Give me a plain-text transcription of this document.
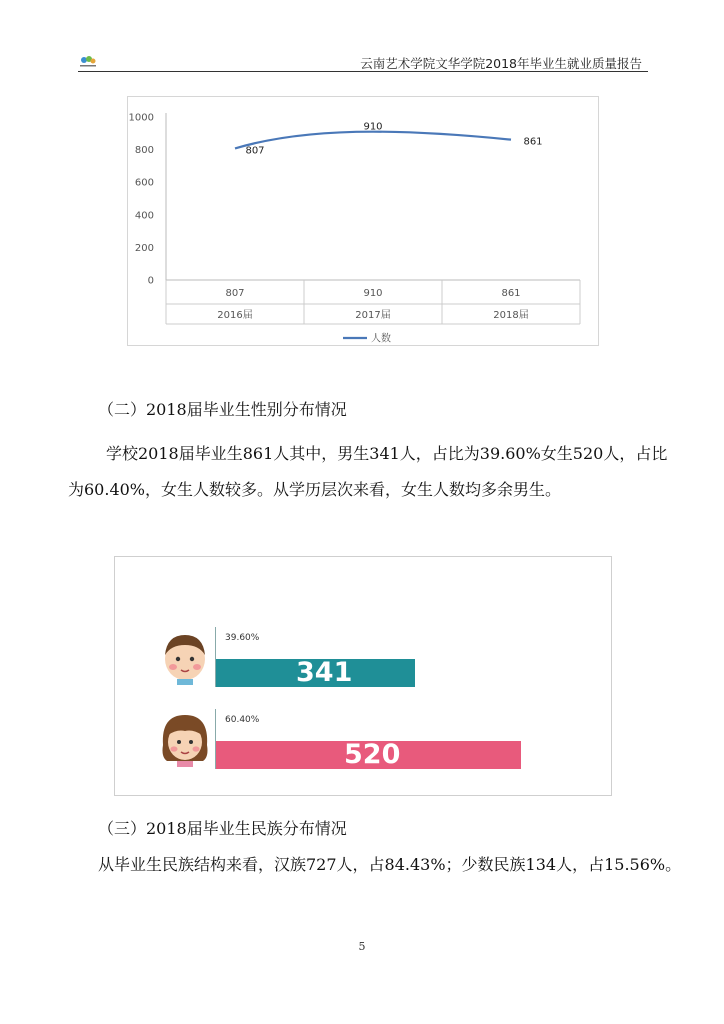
云南艺术学院文华学院2018年毕业生就业质量报告
0
200
400
600
800
1000
807	910	861
2016届	2017届	2018届
807
910
861
人数

（二）2018届毕业生性别分布情况

学校2018届毕业生861人其中，男生341人，占比为39.60%女生520人，占比为60.40%，女生人数较多。从学历层次来看，女生人数均多余男生。

39.60%
341
60.40%
520

（三）2018届毕业生民族分布情况

从毕业生民族结构来看，汉族727人，占84.43%；少数民族134人，占15.56%。

5
